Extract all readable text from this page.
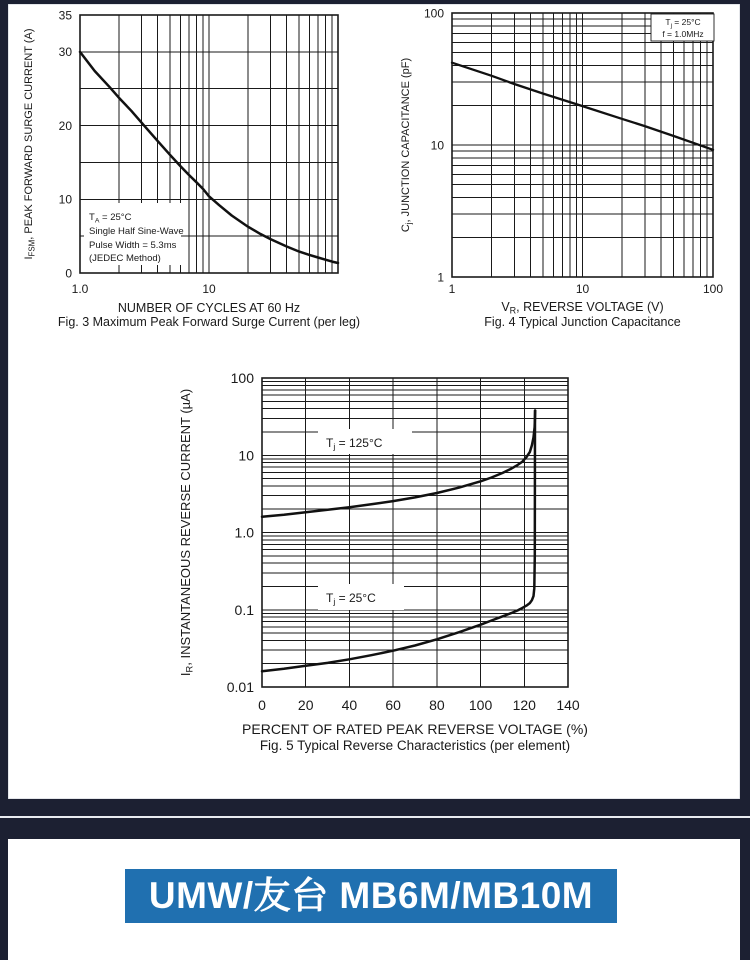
$T_A = 25^\circ C$
Single Half Sine-Wave
Pulse Width = 5.3ms
(JEDEC Method)
1.0	10
0
10
20
30
35
$I_{FSM}$, PEAK FORWARD SURGE CURRENT (A)
NUMBER OF CYCLES AT 60 Hz
Fig. 3 Maximum Peak Forward Surge Current (per leg)
$T_j = 25^\circ C$
f = 1.0MHz
1	10	100
1
10
100
$C_j$, JUNCTION CAPACITANCE (pF)
$V_R$, REVERSE VOLTAGE (V)
Fig. 4 Typical Junction Capacitance
$T_j = 125^\circ C$
$T_j = 25^\circ C$
0 20 40 60 80 100 120 140
100
10
1.0
0.1
0.01
IR, INSTANTANEOUS REVERSE CURRENT (µA)
PERCENT OF RATED PEAK REVERSE VOLTAGE (%)
Fig. 5 Typical Reverse Characteristics (per element)
UMW/友台 MB6M/MB10M
